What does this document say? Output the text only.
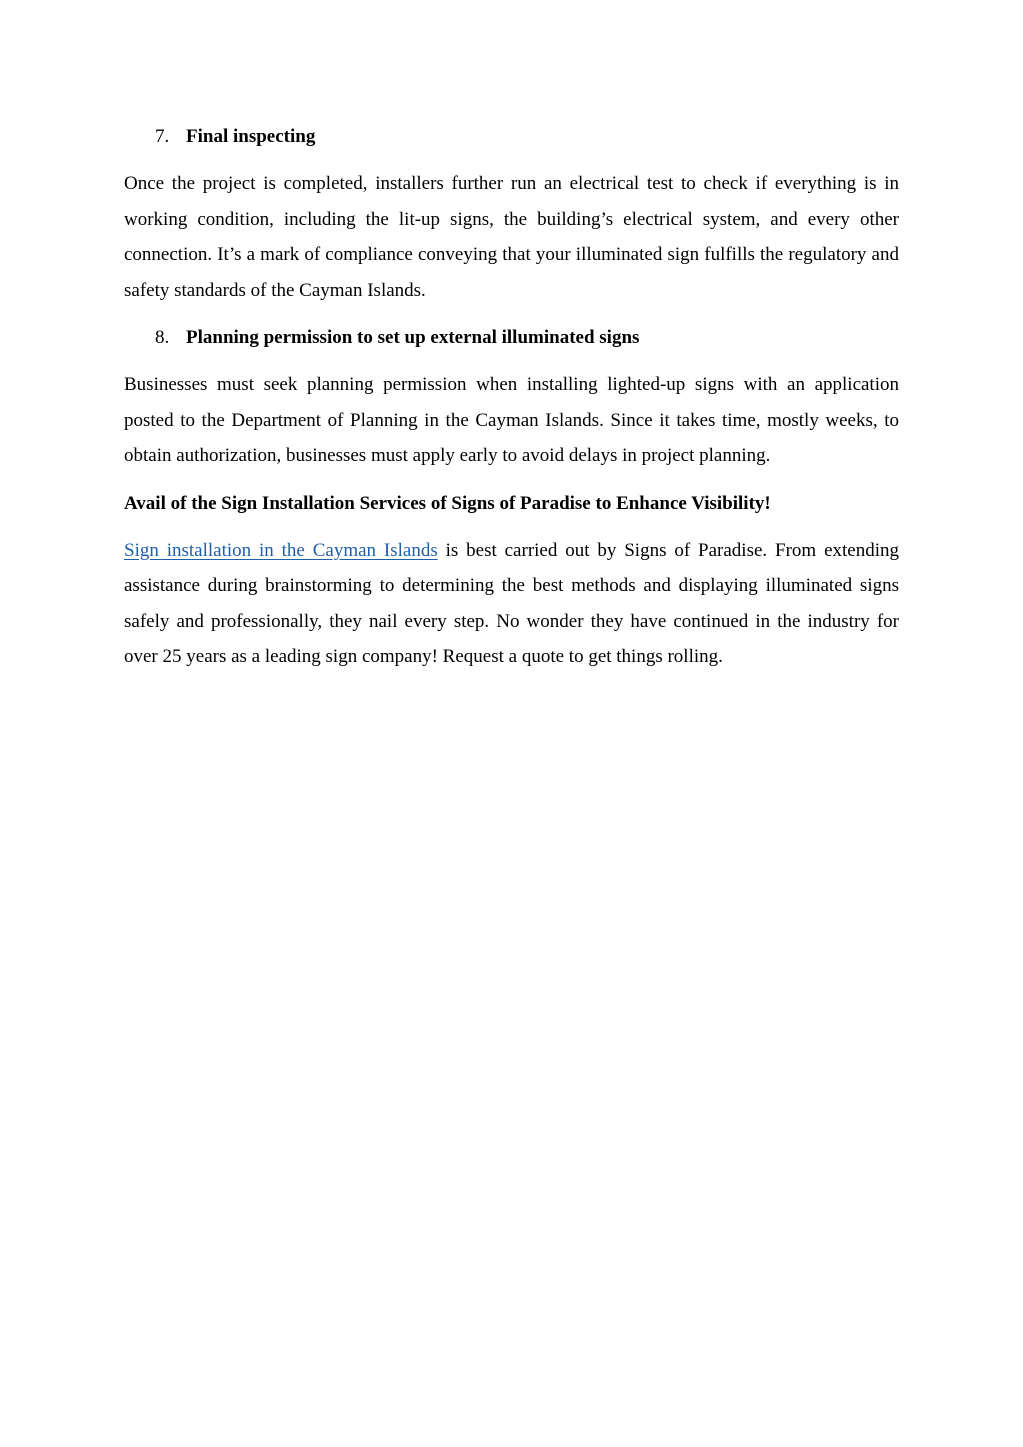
7. Final inspecting

Once the project is completed, installers further run an electrical test to check if everything is in working condition, including the lit-up signs, the building’s electrical system, and every other connection. It’s a mark of compliance conveying that your illuminated sign fulfills the regulatory and safety standards of the Cayman Islands.

8. Planning permission to set up external illuminated signs

Businesses must seek planning permission when installing lighted-up signs with an application posted to the Department of Planning in the Cayman Islands. Since it takes time, mostly weeks, to obtain authorization, businesses must apply early to avoid delays in project planning.

Avail of the Sign Installation Services of Signs of Paradise to Enhance Visibility!

Sign installation in the Cayman Islands is best carried out by Signs of Paradise. From extending assistance during brainstorming to determining the best methods and displaying illuminated signs safely and professionally, they nail every step. No wonder they have continued in the industry for over 25 years as a leading sign company! Request a quote to get things rolling.
